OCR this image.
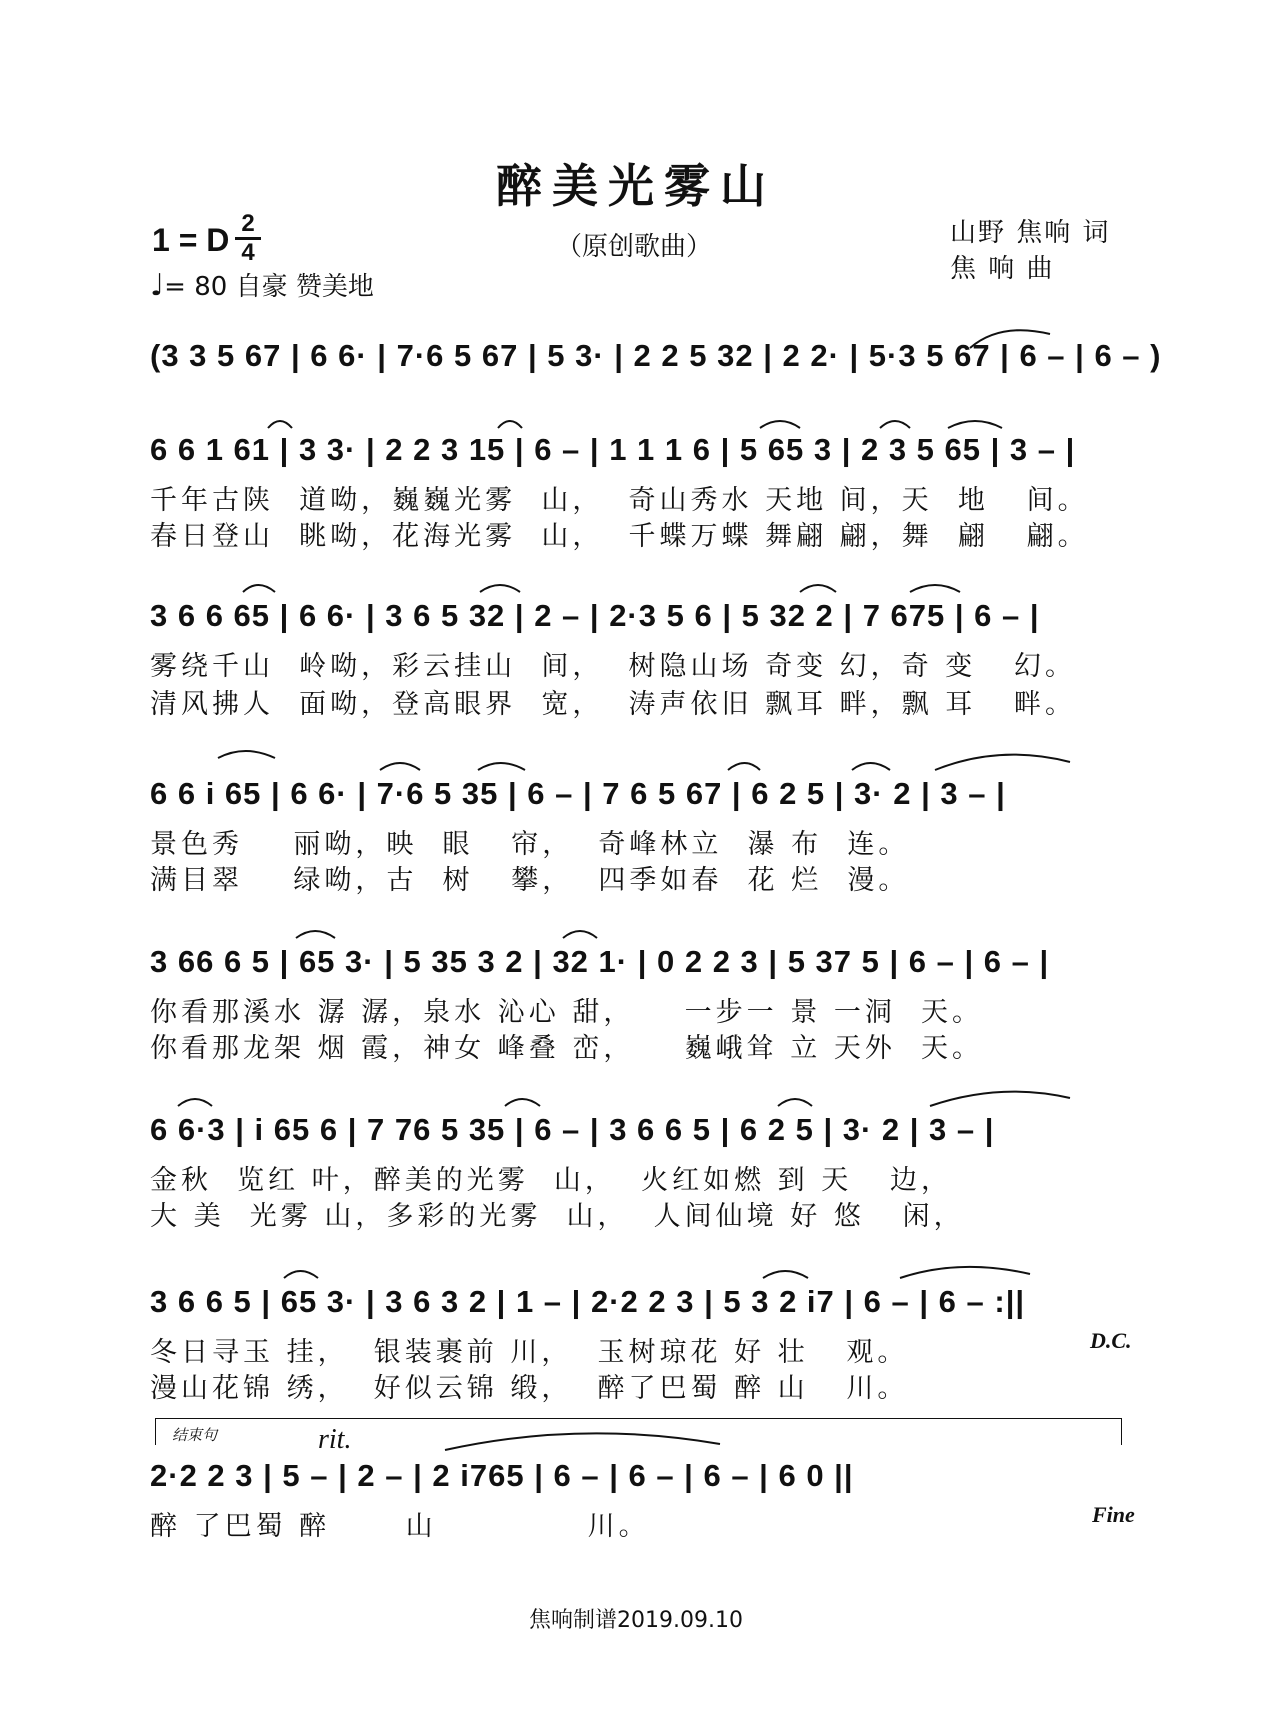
醉美光雾山
（原创歌曲）
1 = D 2
4
♩= 80 自豪 赞美地
山野 焦响 词
焦 响 曲
(3 3 5 67 | 6 6· | 7·6 5 67 | 5 3· | 2 2 5 32 | 2 2· | 5·3 5 67 | 6 – | 6 – )
6 6 1 61 | 3 3· | 2 2 3 15 | 6 – | 1 1 1 6 | 5 65 3 | 2 3 5 65 | 3 – |
千年古陕  道呦，巍巍光雾  山，  奇山秀水 天地 间，天  地   间。
春日登山  眺呦，花海光雾  山，  千蝶万蝶 舞翩 翩，舞  翩   翩。
3 6 6 65 | 6 6· | 3 6 5 32 | 2 – | 2·3 5 6 | 5 32 2 | 7 675 | 6 – |
雾绕千山  岭呦，彩云挂山  间，  树隐山场 奇变 幻，奇 变   幻。
清风拂人  面呦，登高眼界  宽，  涛声依旧 飘耳 畔，飘 耳   畔。
6 6 i 65 | 6 6· | 7·6 5 35 | 6 – | 7 6 5 67 | 6 2 5 | 3· 2 | 3 – |
景色秀    丽呦，映  眼   帘，  奇峰林立  瀑 布  连。
满目翠    绿呦，古  树   攀，  四季如春  花 烂  漫。
3 66 6 5 | 65 3· | 5 35 3 2 | 32 1· | 0 2 2 3 | 5 37 5 | 6 – | 6 – |
你看那溪水 潺 潺，泉水 沁心 甜，    一步一 景 一洞  天。
你看那龙架 烟 霞，神女 峰叠 峦，    巍峨耸 立 天外  天。
6 6·3 | i 65 6 | 7 76 5 35 | 6 – | 3 6 6 5 | 6 2 5 | 3· 2 | 3 – |
金秋  览红 叶，醉美的光雾  山，  火红如燃 到 天   边，
大 美  光雾 山，多彩的光雾  山，  人间仙境 好 悠   闲，
3 6 6 5 | 65 3· | 3 6 3 2 | 1 – | 2·2 2 3 | 5 3 2 i7 | 6 – | 6 – :||
冬日寻玉 挂，  银装裹前 川，  玉树琼花 好 壮   观。
漫山花锦 绣，  好似云锦 缎，  醉了巴蜀 醉 山   川。
D.C.
结束句	rit.
2·2 2 3 | 5 – | 2 – | 2 i765 | 6 – | 6 – | 6 – | 6 0 ||
醉 了巴蜀 醉      山            川。	Fine
焦响制谱2019.09.10
